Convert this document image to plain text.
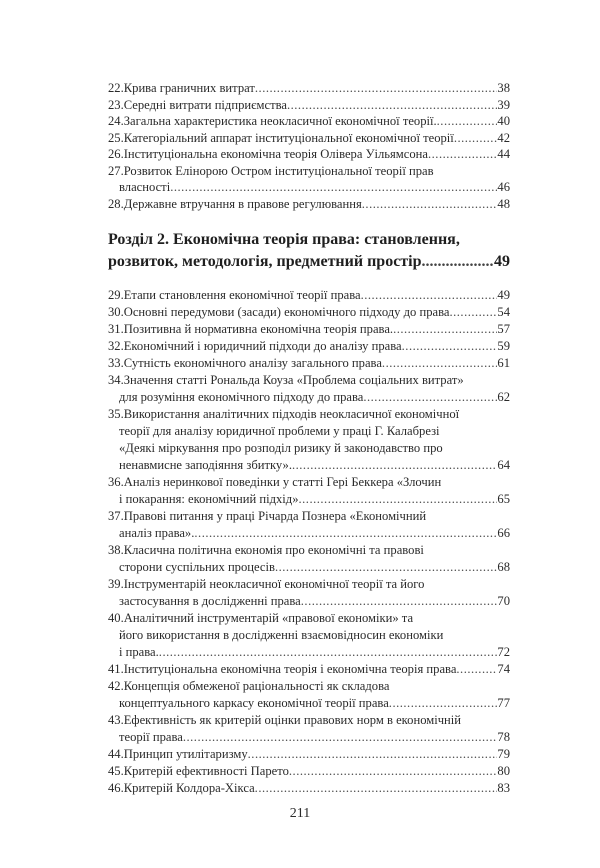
22.Крива граничних витрат .....	38
23.Середні витрати підприємства .....	39
24.Загальна характеристика неокласичної економічної теорії. .....	40
25.Категоріальний аппарат інституціональної економічної теорії .....	42
26.Інституціональна економічна теорія Олівера Уільямсона .....	44
27.Розвиток Елінорою Остром інституціональної теорії прав
власності .....	46
28.Державне втручання в правове регулювання .....	48
Розділ 2. Економічна теорія права: становлення,
розвиток, методологія, предметний простір .....	49
29.Етапи становлення економічної теорії права .....	49
30.Основні передумови (засади) економічного підходу до права .....	54
31.Позитивна й нормативна економічна теорія права. .....	57
32.Економічний і юридичний підходи до аналізу права .....	59
33.Сутність економічного аналізу загального права .....	61
34.Значення статті Рональда Коуза «Проблема соціальних витрат»
для розуміння економічного підходу до права .....	62
35.Використання аналітичних підходів неокласичної економічної
теорії для аналізу юридичної проблеми у праці Г. Калабрезі
«Деякі міркування про розподіл ризику й законодавство про
ненавмисне заподіяння збитку». .....	64
36.Аналіз неринкової поведінки у статті Гері Беккера «Злочин
і покарання: економічний підхід» .....	65
37.Правові питання у праці Річарда Познера «Економічний
аналіз права». .....	66
38.Класична політична економія про економічні та правові
сторони суспільних процесів .....	68
39.Інструментарій неокласичної економічної теорії та його
застосування в дослідженні права .....	70
40.Аналітичний інструментарій «правової економіки» та
його використання в дослідженні взаємовідносин економіки
і права. .....	72
41.Інституціональна економічна теорія і економічна теорія права .....	74
42.Концепція обмеженої раціональності як складова
концептуального каркасу економічної теорії права .....	77
43.Ефективність як критерій оцінки правових норм в економічній
теорії права .....	78
44.Принцип утилітаризму .....	79
45.Критерій ефективності Парето .....	80
46.Критерій Колдора-Хікса .....	83
211
